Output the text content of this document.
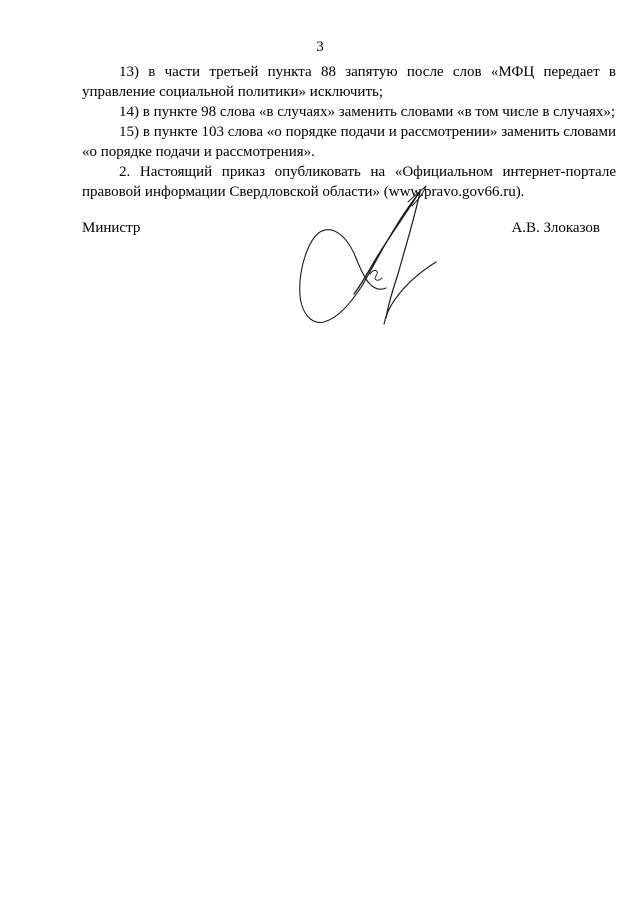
3

13) в части третьей пункта 88 запятую после слов «МФЦ передает в управление социальной политики» исключить;

14) в пункте 98 слова «в случаях» заменить словами «в том числе в случаях»;

15) в пункте 103 слова «о порядке подачи и рассмотрении» заменить словами «о порядке подачи и рассмотрения».

2. Настоящий приказ опубликовать на «Официальном интернет-портале правовой информации Свердловской области» (www.pravo.gov66.ru).

Министр	А.В. Злоказов
